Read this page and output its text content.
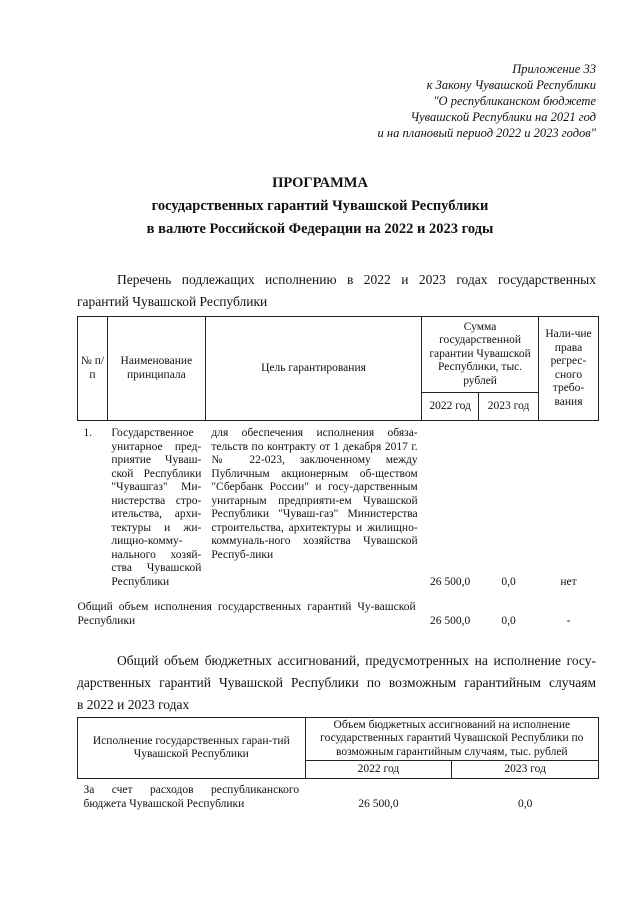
Приложение 33
к Закону Чувашской Республики
"О республиканском бюджете
Чувашской Республики на 2021 год
и на плановый период 2022 и 2023 годов"
ПРОГРАММА
государственных гарантий Чувашской Республики
в валюте Российской Федерации на 2022 и 2023 годы
Перечень подлежащих исполнению в 2022 и 2023 годах государственных
гарантий Чувашской Республики
№ п/п	Наименование принципала	Цель гарантирования	Сумма государственной гарантии Чувашской Республики, тыс. рублей		Нали-чие права регрес-сного требо-вания
			2022 год	2023 год	
1.	Государственное унитарное пред-приятие Чуваш-ской Республики "Чувашгаз" Ми-нистерства стро-ительства, архи-тектуры и жи-лищно-комму-нального хозяй-ства Чувашской Республики	для обеспечения исполнения обяза-тельств по контракту от 1 декабря 2017 г. № 22-023, заключенному между Публичным акционерным об-ществом "Сбербанк России" и госу-дарственным унитарным предприяти-ем Чувашской Республики "Чуваш-газ" Министерства строительства, архитектуры и жилищно-коммуналь-ного хозяйства Чувашской Респуб-лики	26 500,0	0,0	нет

Общий объем исполнения государственных гарантий Чу-вашской Республики			26 500,0	0,0	-
Общий объем бюджетных ассигнований, предусмотренных на исполнение госу-
дарственных гарантий Чувашской Республики по возможным гарантийным случаям
в 2022 и 2023 годах
Исполнение государственных гаран-тий Чувашской Республики	Объем бюджетных ассигнований на исполнение государственных гарантий Чувашской Республики по возможным гарантийным случаям, тыс. рублей	
	2022 год	2023 год
За счет расходов республиканского бюджета Чувашской Республики	26 500,0	0,0
